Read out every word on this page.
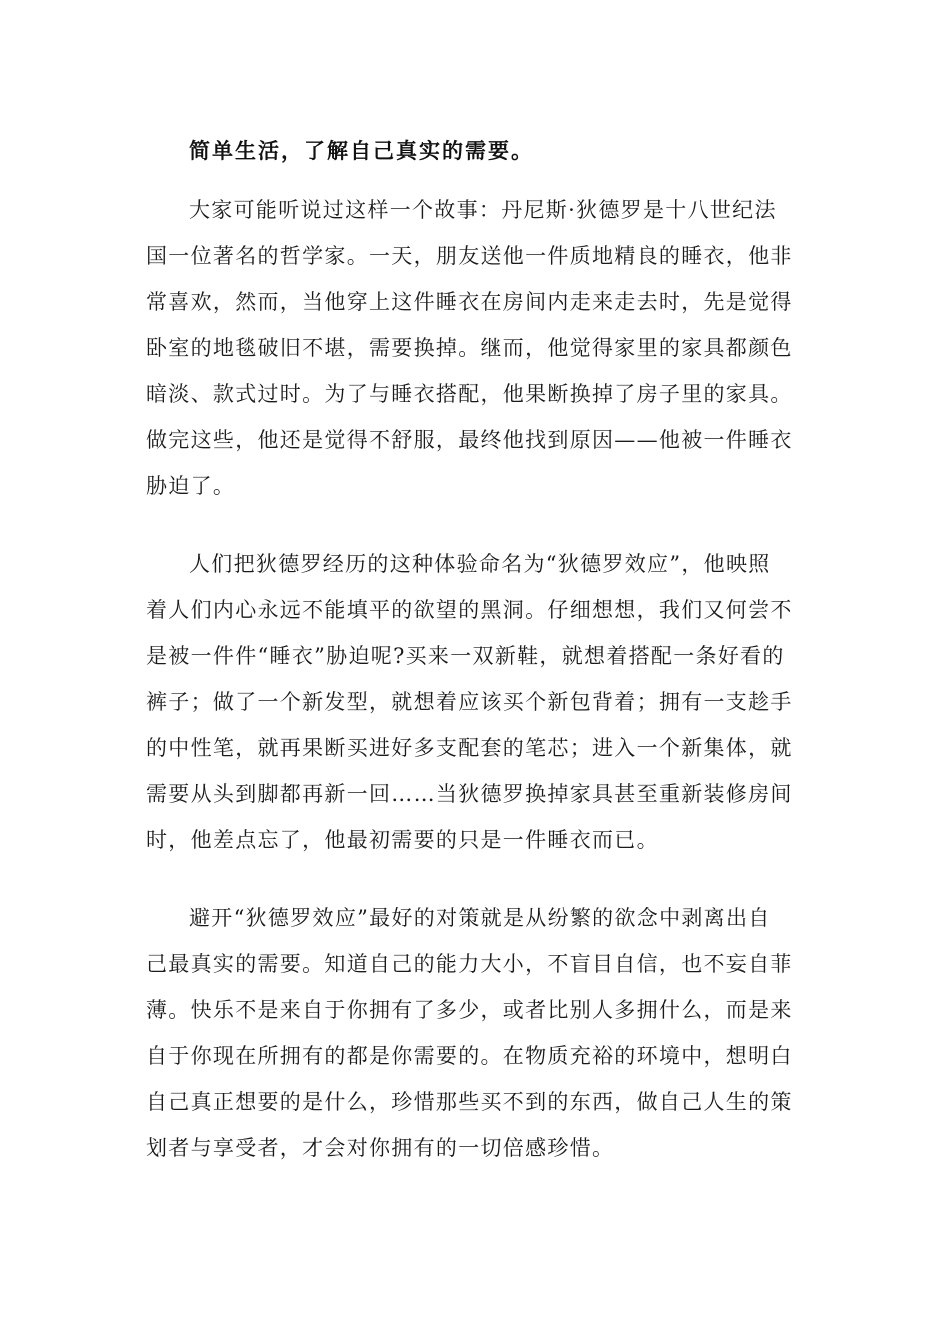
简单生活，了解自己真实的需要。

大家可能听说过这样一个故事：丹尼斯·狄德罗是十八世纪法
国一位著名的哲学家。一天，朋友送他一件质地精良的睡衣，他非
常喜欢，然而，当他穿上这件睡衣在房间内走来走去时，先是觉得
卧室的地毯破旧不堪，需要换掉。继而，他觉得家里的家具都颜色
暗淡、款式过时。为了与睡衣搭配，他果断换掉了房子里的家具。
做完这些，他还是觉得不舒服，最终他找到原因——他被一件睡衣
胁迫了。

人们把狄德罗经历的这种体验命名为“狄德罗效应”，他映照
着人们内心永远不能填平的欲望的黑洞。仔细想想，我们又何尝不
是被一件件“睡衣”胁迫呢?买来一双新鞋，就想着搭配一条好看的
裤子；做了一个新发型，就想着应该买个新包背着；拥有一支趁手
的中性笔，就再果断买进好多支配套的笔芯；进入一个新集体，就
需要从头到脚都再新一回……当狄德罗换掉家具甚至重新装修房间
时，他差点忘了，他最初需要的只是一件睡衣而已。

避开“狄德罗效应”最好的对策就是从纷繁的欲念中剥离出自
己最真实的需要。知道自己的能力大小，不盲目自信，也不妄自菲
薄。快乐不是来自于你拥有了多少，或者比别人多拥什么，而是来
自于你现在所拥有的都是你需要的。在物质充裕的环境中，想明白
自己真正想要的是什么，珍惜那些买不到的东西，做自己人生的策
划者与享受者，才会对你拥有的一切倍感珍惜。
